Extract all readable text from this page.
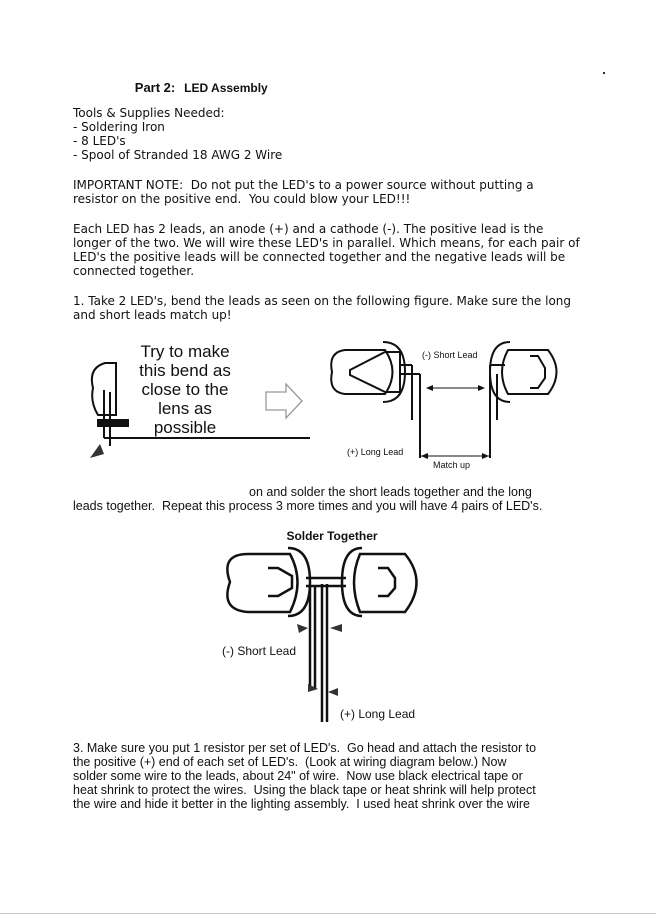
Part 2: LED Assembly

Tools & Supplies Needed:
- Soldering Iron
- 8 LED's
- Spool of Stranded 18 AWG 2 Wire
IMPORTANT NOTE:  Do not put the LED's to a power source without putting a
resistor on the positive end.  You could blow your LED!!!
Each LED has 2 leads, an anode (+) and a cathode (-). The positive lead is the
longer of the two. We will wire these LED's in parallel. Which means, for each pair of
LED's the positive leads will be connected together and the negative leads will be
connected together.
1. Take 2 LED's, bend the leads as seen on the following figure. Make sure the long
and short leads match up!
Try to make
this bend as
close to the
lens as
possible
(-) Short Lead
(+) Long Lead
Match up
on and solder the short leads together and the long
leads together.  Repeat this process 3 more times and you will have 4 pairs of LED's.
Solder Together
(-) Short Lead
(+) Long Lead
3. Make sure you put 1 resistor per set of LED's.  Go head and attach the resistor to
the positive (+) end of each set of LED's.  (Look at wiring diagram below.) Now
solder some wire to the leads, about 24" of wire.  Now use black electrical tape or
heat shrink to protect the wires.  Using the black tape or heat shrink will help protect
the wire and hide it better in the lighting assembly.  I used heat shrink over the wire
